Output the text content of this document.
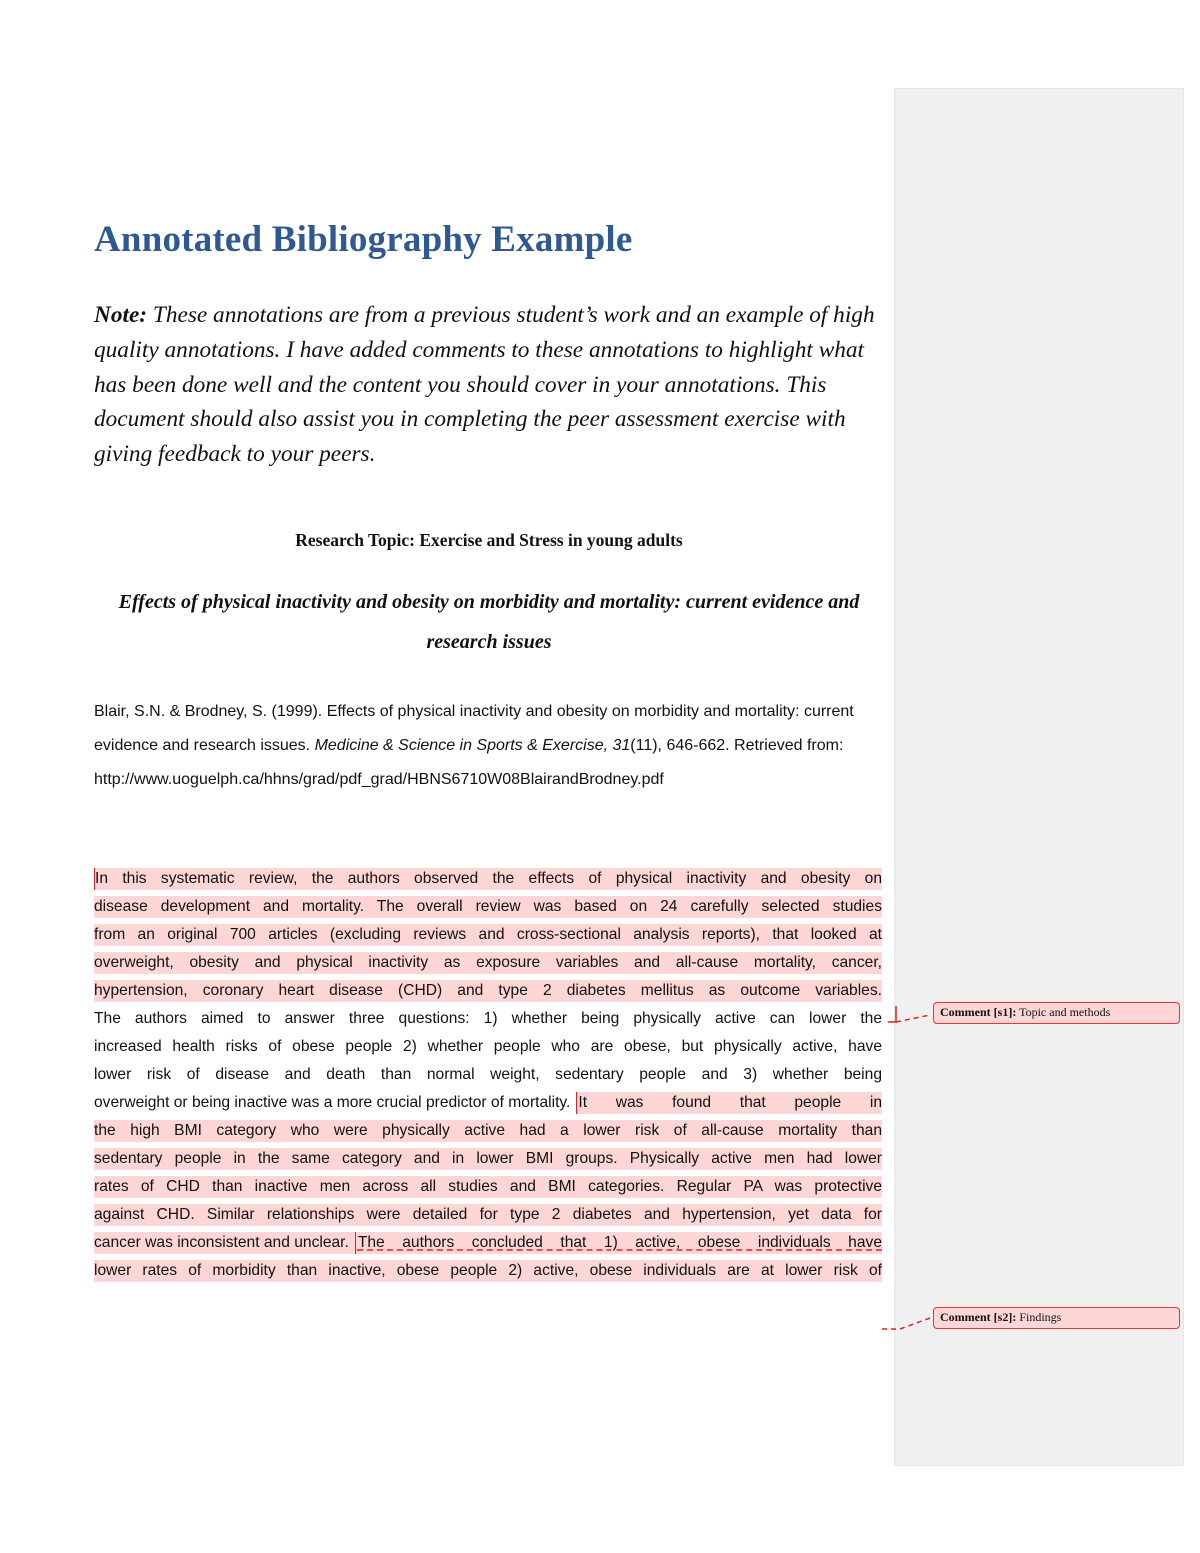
Annotated Bibliography Example

Note: These annotations are from a previous student’s work and an example of high quality annotations. I have added comments to these annotations to highlight what has been done well and the content you should cover in your annotations. This document should also assist you in completing the peer assessment exercise with giving feedback to your peers.

Research Topic: Exercise and Stress in young adults

Effects of physical inactivity and obesity on morbidity and mortality: current evidence and research issues

Blair, S.N. & Brodney, S. (1999). Effects of physical inactivity and obesity on morbidity and mortality: current evidence and research issues. Medicine & Science in Sports & Exercise, 31(11), 646-662. Retrieved from:
http://www.uoguelph.ca/hhns/grad/pdf_grad/HBNS6710W08BlairandBrodney.pdf

In this systematic review, the authors observed the effects of physical inactivity and obesity on
disease development and mortality. The overall review was based on 24 carefully selected studies
from an original 700 articles (excluding reviews and cross-sectional analysis reports), that looked at
overweight, obesity and physical inactivity as exposure variables and all-cause mortality, cancer,
hypertension, coronary heart disease (CHD) and type 2 diabetes mellitus as outcome variables.
The authors aimed to answer three questions: 1) whether being physically active can lower the
increased health risks of obese people 2) whether people who are obese, but physically active, have
lower risk of disease and death than normal weight, sedentary people and 3) whether being
overweight or being inactive was a more crucial predictor of mortality. It was found that people in
the high BMI category who were physically active had a lower risk of all-cause mortality than
sedentary people in the same category and in lower BMI groups. Physically active men had lower
rates of CHD than inactive men across all studies and BMI categories. Regular PA was protective
against CHD. Similar relationships were detailed for type 2 diabetes and hypertension, yet data for
cancer was inconsistent and unclear. The authors concluded that 1) active, obese individuals have
lower rates of morbidity than inactive, obese people 2) active, obese individuals are at lower risk of
Comment [s1]: Topic and methods
Comment [s2]: Findings
